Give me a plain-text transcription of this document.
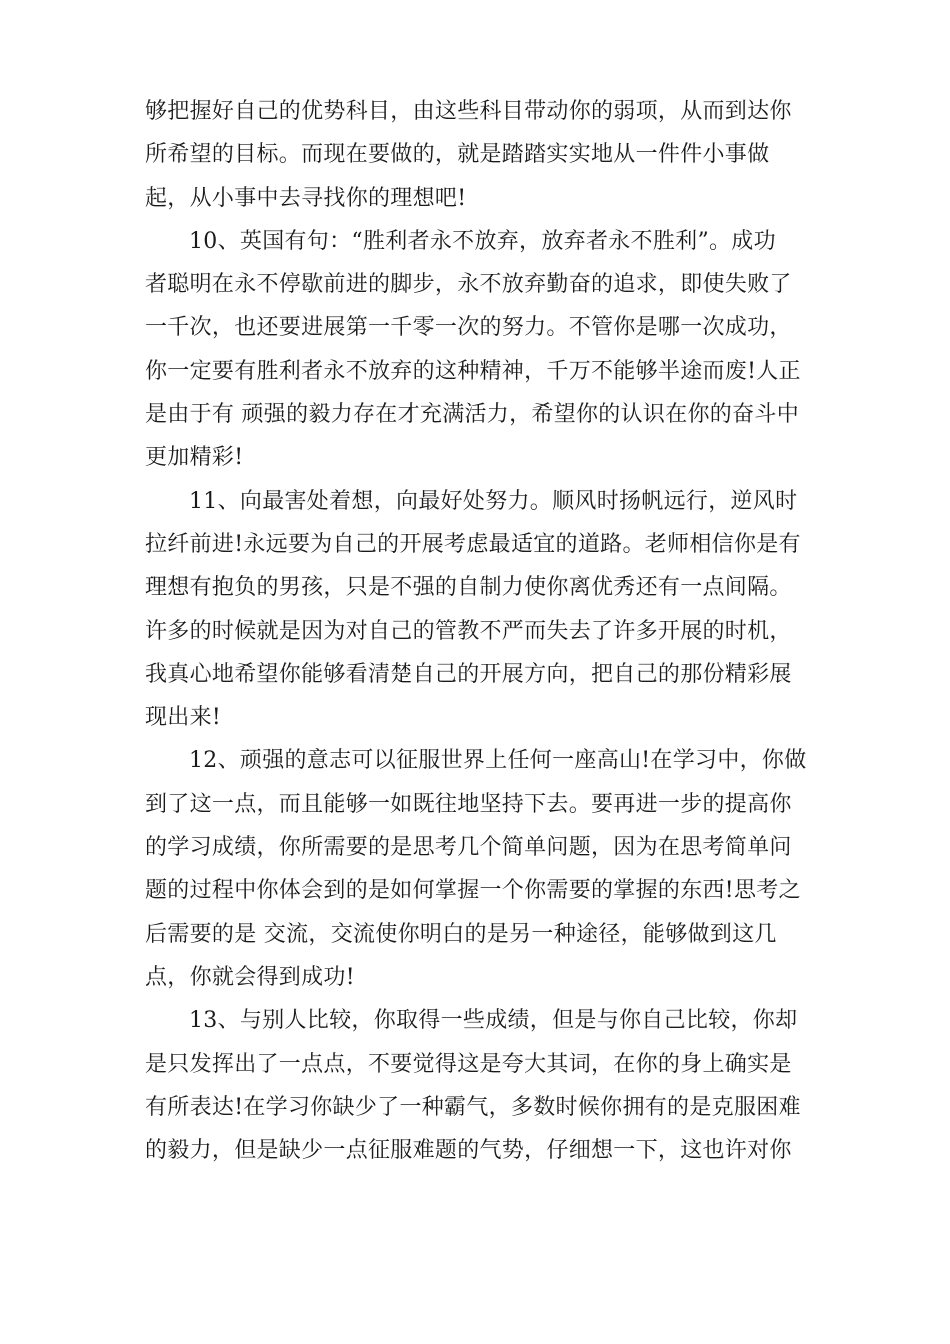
够把握好自己的优势科目，由这些科目带动你的弱项，从而到达你
所希望的目标。而现在要做的，就是踏踏实实地从一件件小事做
起，从小事中去寻找你的理想吧!
10、英国有句：“胜利者永不放弃，放弃者永不胜利”。成功
者聪明在永不停歇前进的脚步，永不放弃勤奋的追求，即使失败了
一千次，也还要进展第一千零一次的努力。不管你是哪一次成功，
你一定要有胜利者永不放弃的这种精神，千万不能够半途而废!人正
是由于有 顽强的毅力存在才充满活力，希望你的认识在你的奋斗中
更加精彩!
11、向最害处着想，向最好处努力。顺风时扬帆远行，逆风时
拉纤前进!永远要为自己的开展考虑最适宜的道路。老师相信你是有
理想有抱负的男孩，只是不强的自制力使你离优秀还有一点间隔。
许多的时候就是因为对自己的管教不严而失去了许多开展的时机，
我真心地希望你能够看清楚自己的开展方向，把自己的那份精彩展
现出来!
12、顽强的意志可以征服世界上任何一座高山!在学习中，你做
到了这一点，而且能够一如既往地坚持下去。要再进一步的提高你
的学习成绩，你所需要的是思考几个简单问题，因为在思考简单问
题的过程中你体会到的是如何掌握一个你需要的掌握的东西!思考之
后需要的是 交流，交流使你明白的是另一种途径，能够做到这几
点，你就会得到成功!
13、与别人比较，你取得一些成绩，但是与你自己比较，你却
是只发挥出了一点点，不要觉得这是夸大其词，在你的身上确实是
有所表达!在学习你缺少了一种霸气，多数时候你拥有的是克服困难
的毅力，但是缺少一点征服难题的气势，仔细想一下，这也许对你
